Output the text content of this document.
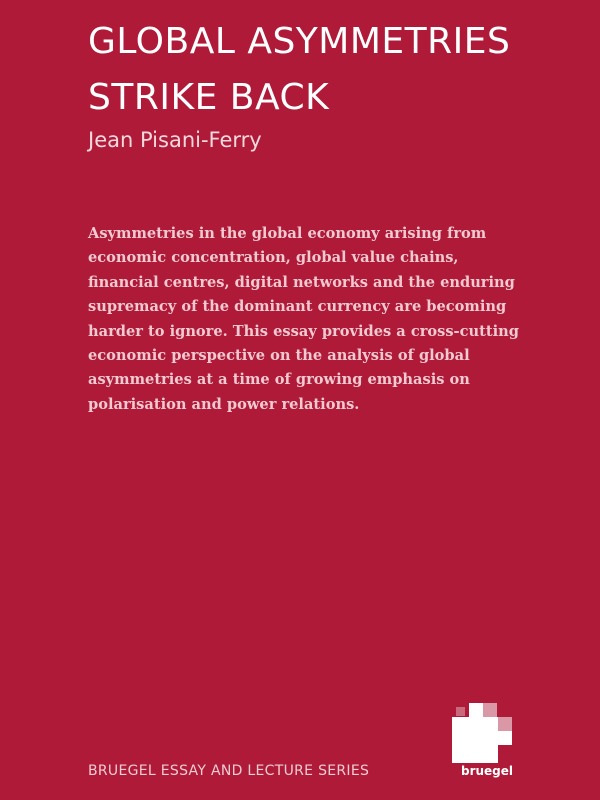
GLOBAL ASYMMETRIES
STRIKE BACK

Jean Pisani-Ferry

Asymmetries in the global economy arising from economic concentration, global value chains, financial centres, digital networks and the enduring supremacy of the dominant currency are becoming harder to ignore. This essay provides a cross-cutting economic perspective on the analysis of global asymmetries at a time of growing emphasis on polarisation and power relations.

BRUEGEL ESSAY AND LECTURE SERIES	bruegel
